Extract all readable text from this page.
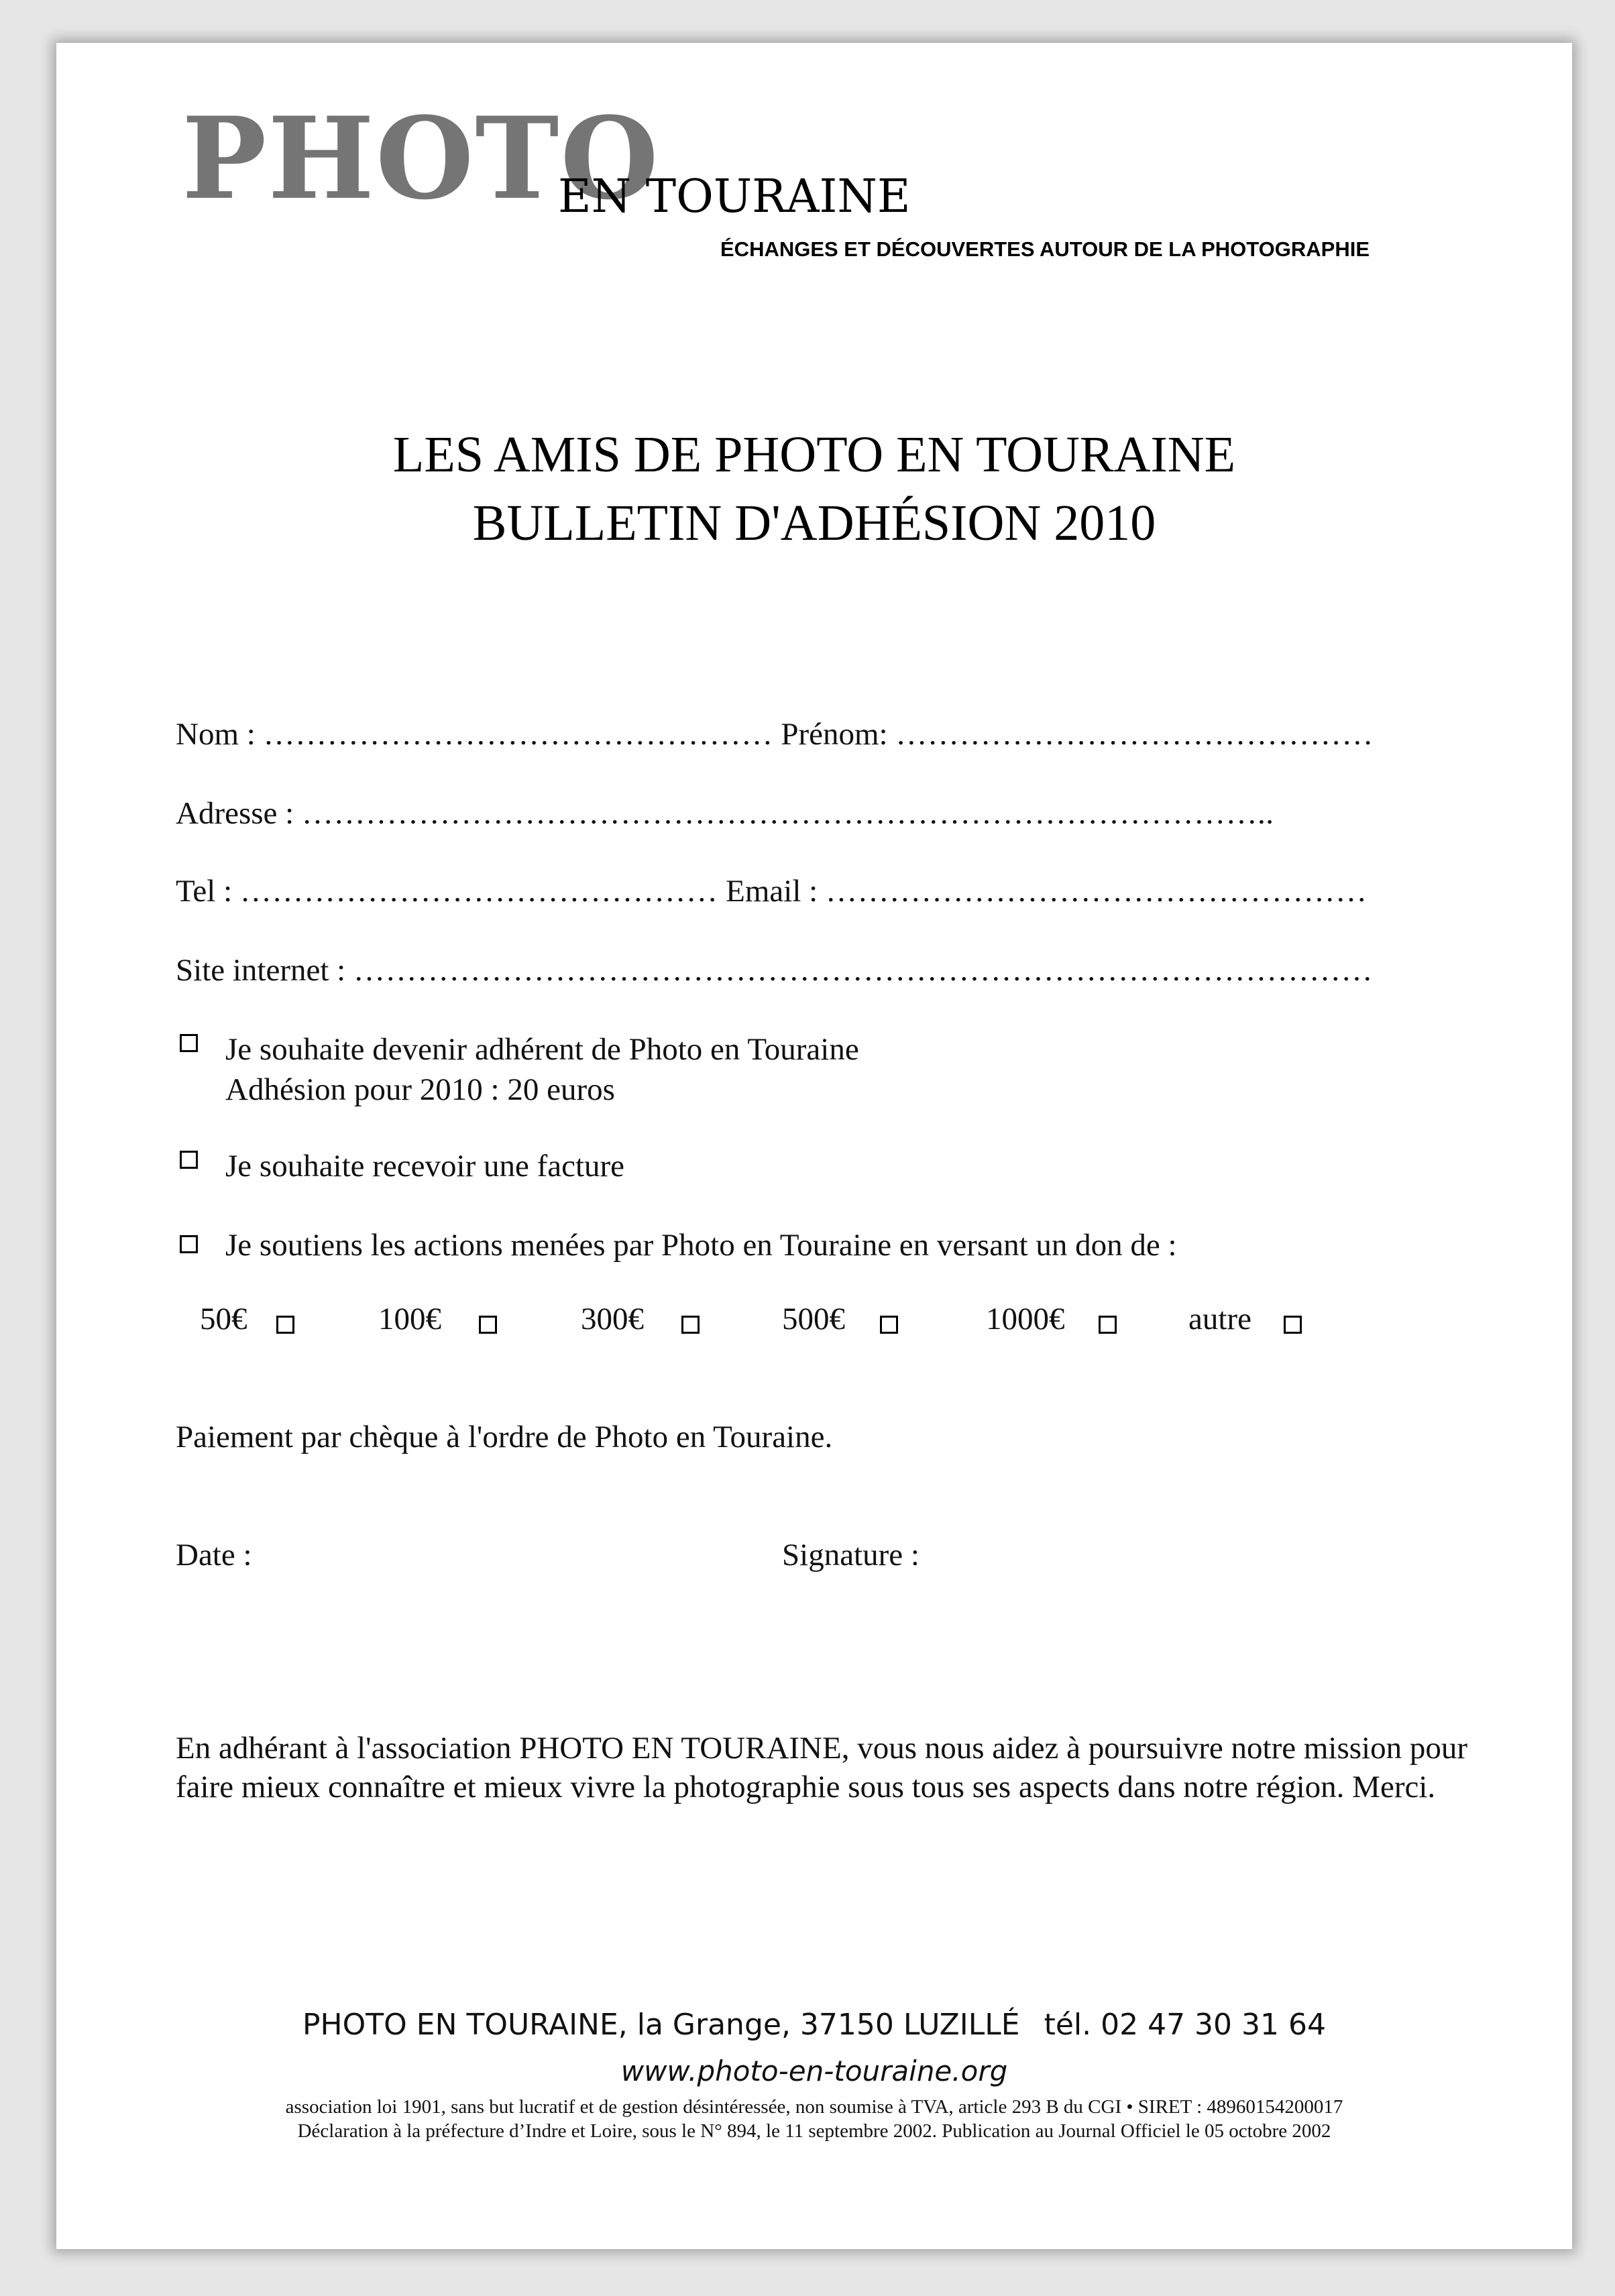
PHOTO
EN TOURAINE
ÉCHANGES ET DÉCOUVERTES AUTOUR DE LA PHOTOGRAPHIE
LES AMIS DE PHOTO EN TOURAINE
BULLETIN D'ADHÉSION 2010
Nom : ………………………………………… Prénom: ………………………………………
Adresse : ………………………………………………………………………………..
Tel : ……………………………………… Email : ……………………………………………
Site internet : ……………………………………………………………………………………
Je souhaite devenir adhérent de Photo en Touraine
Adhésion pour 2010 : 20 euros
Je souhaite recevoir une facture
Je soutiens les actions menées par Photo en Touraine en versant un don de :
50€	100€	300€	500€	1000€	autre
Paiement par chèque à l'ordre de Photo en Touraine.
Date :	Signature :
En adhérant à l'association PHOTO EN TOURAINE, vous nous aidez à poursuivre notre mission pour faire mieux connaître et mieux vivre la photographie sous tous ses aspects dans notre région. Merci.
PHOTO EN TOURAINE, la Grange, 37150 LUZILLÉ tél. 02 47 30 31 64
www.photo-en-touraine.org
association loi 1901, sans but lucratif et de gestion désintéressée, non soumise à TVA, article 293 B du CGI • SIRET : 48960154200017
Déclaration à la préfecture d’Indre et Loire, sous le N° 894, le 11 septembre 2002. Publication au Journal Officiel le 05 octobre 2002
